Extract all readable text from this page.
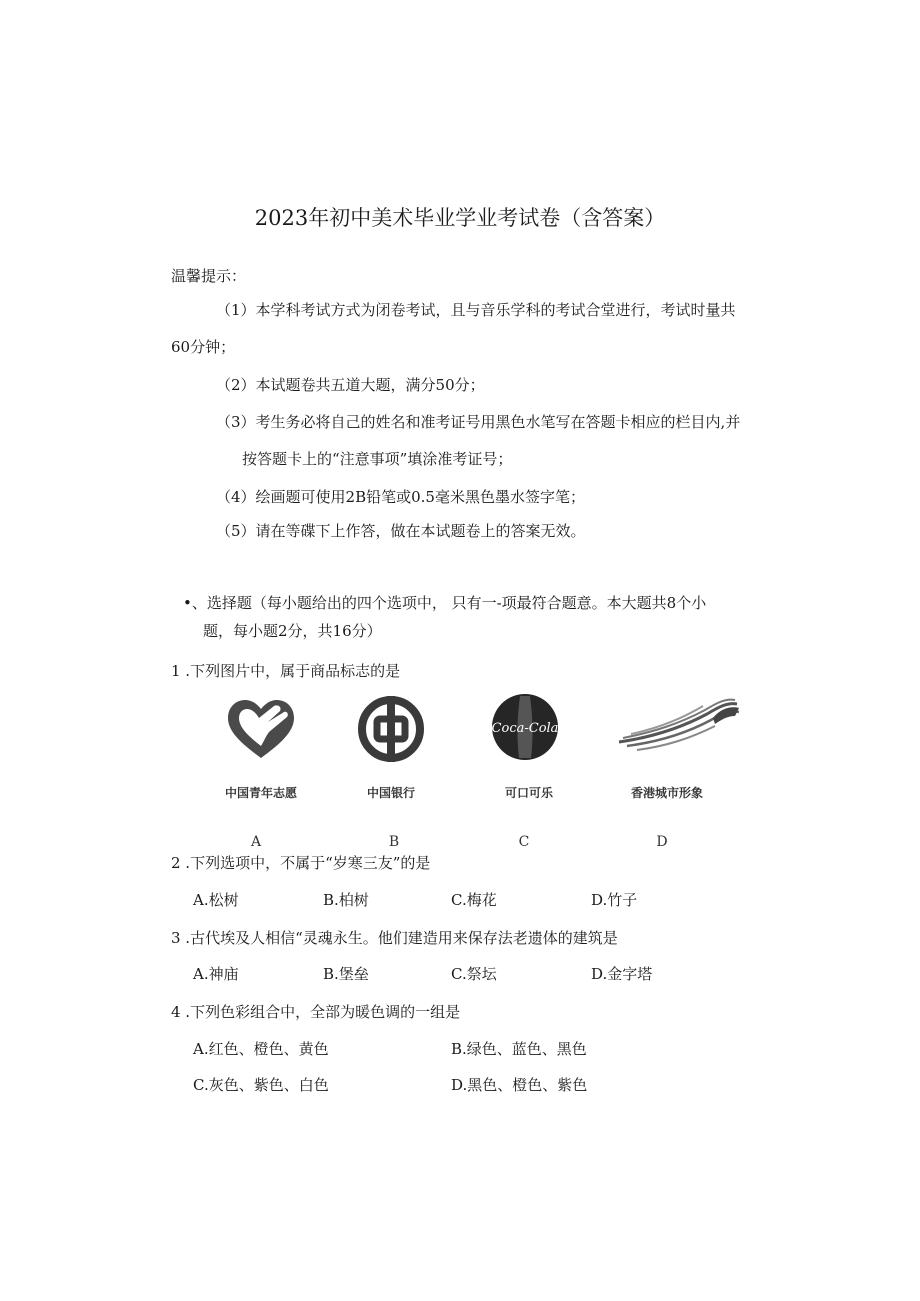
2023年初中美术毕业学业考试卷（含答案）
温馨提示：
（1）本学科考试方式为闭卷考试，且与音乐学科的考试合堂进行，考试时量共
60分钟；
（2）本试题卷共五道大题，满分50分；
（3）考生务必将自己的姓名和准考证号用黑色水笔写在答题卡相应的栏目内,并
按答题卡上的“注意事项”填涂准考证号；
（4）绘画题可使用2B铅笔或0.5毫米黑色墨水签字笔；
（5）请在等碟下上作答，做在本试题卷上的答案无效。
•、选择题（每小题给出的四个选项中， 只有一-项最符合题意。本大题共8个小
题，每小题2分，共16分）
1 .下列图片中，属于商品标志的是
Coca-Cola
中国青年志愿	中国银行	可口可乐	香港城市形象
A	B	C	D
2 .下列选项中，不属于“岁寒三友”的是
A.松树	B.柏树	C.梅花	D.竹子
3 .古代埃及人相信“灵魂永生。他们建造用来保存法老遗体的建筑是
A.神庙	B.堡垒	C.祭坛	D.金字塔
4 .下列色彩组合中，全部为暖色调的一组是
A.红色、橙色、黄色	B.绿色、蓝色、黑色
C.灰色、紫色、白色	D.黑色、橙色、紫色
